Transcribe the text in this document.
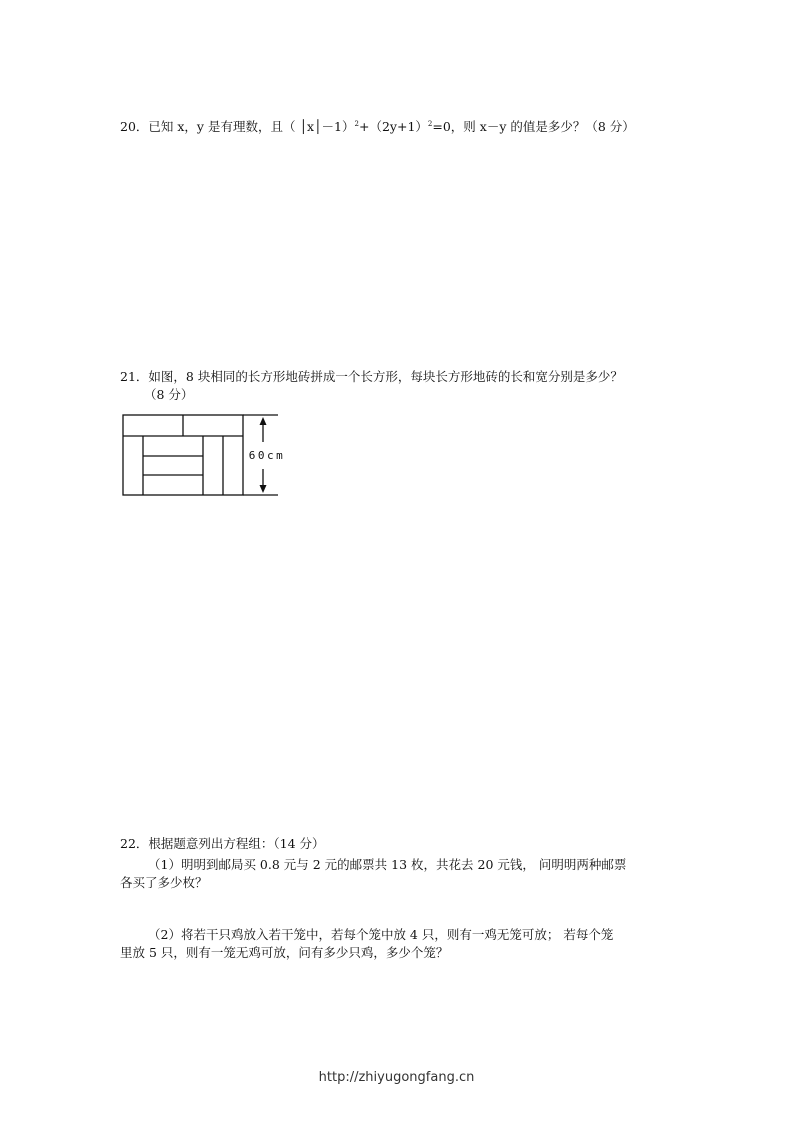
20．已知 x，y 是有理数，且（ $│x│-1)^2+(2y+1)^2=0$，则 x－y 的值是多少？（8 分）
21．如图，8 块相同的长方形地砖拼成一个长方形，每块长方形地砖的长和宽分别是多少？
（8 分）
60cm
22．根据题意列出方程组：（14 分）
（1）明明到邮局买 0.8 元与 2 元的邮票共 13 枚，共花去 20 元钱， 问明明两种邮票
各买了多少枚？
（2）将若干只鸡放入若干笼中，若每个笼中放 4 只，则有一鸡无笼可放； 若每个笼
里放 5 只，则有一笼无鸡可放，问有多少只鸡，多少个笼？
http://zhiyugongfang.cn
